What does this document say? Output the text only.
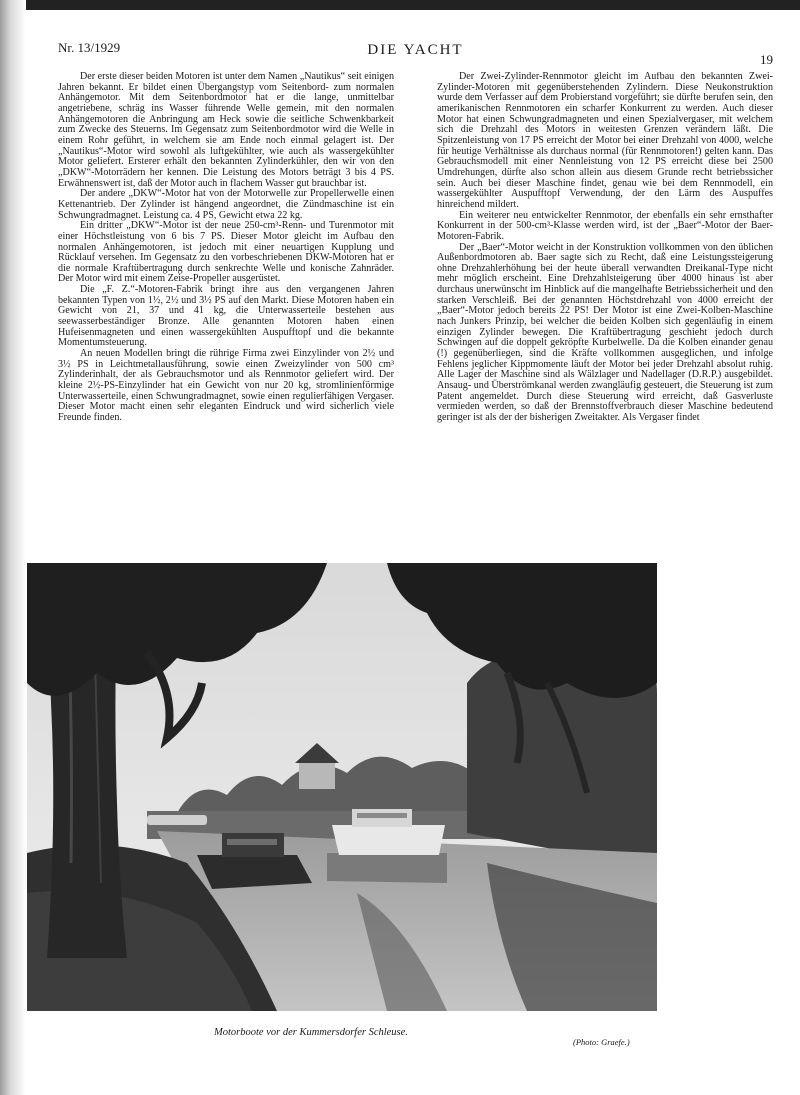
Nr. 13/1929	DIE YACHT
19

Der erste dieser beiden Motoren ist unter dem Namen „Nautikus“ seit einigen Jahren bekannt. Er bildet einen Übergangstyp vom Seitenbord- zum normalen Anhängemotor. Mit dem Seitenbordmotor hat er die lange, unmittelbar angetriebene, schräg ins Wasser führende Welle gemein, mit den normalen Anhängemotoren die Anbringung am Heck sowie die seitliche Schwenkbarkeit zum Zwecke des Steuerns. Im Gegensatz zum Seitenbordmotor wird die Welle in einem Rohr geführt, in welchem sie am Ende noch einmal gelagert ist. Der „Nautikus“-Motor wird sowohl als luftgekühlter, wie auch als wassergekühlter Motor geliefert. Ersterer erhält den bekannten Zylinderkühler, den wir von den „DKW“-Motorrädern her kennen. Die Leistung des Motors beträgt 3 bis 4 PS. Erwähnenswert ist, daß der Motor auch in flachem Wasser gut brauchbar ist.

Der andere „DKW“-Motor hat von der Motorwelle zur Propellerwelle einen Kettenantrieb. Der Zylinder ist hängend angeordnet, die Zündmaschine ist ein Schwungradmagnet. Leistung ca. 4 PS, Gewicht etwa 22 kg.

Ein dritter „DKW“-Motor ist der neue 250-cm³-Renn- und Turenmotor mit einer Höchstleistung von 6 bis 7 PS. Dieser Motor gleicht im Aufbau den normalen Anhängemotoren, ist jedoch mit einer neuartigen Kupplung und Rücklauf versehen. Im Gegensatz zu den vorbeschriebenen DKW-Motoren hat er die normale Kraftübertragung durch senkrechte Welle und konische Zahnräder. Der Motor wird mit einem Zeise-Propeller ausgerüstet.

Die „F. Z.“-Motoren-Fabrik bringt ihre aus den vergangenen Jahren bekannten Typen von 1½, 2½ und 3½ PS auf den Markt. Diese Motoren haben ein Gewicht von 21, 37 und 41 kg, die Unterwasserteile bestehen aus seewasserbeständiger Bronze. Alle genannten Motoren haben einen Hufeisenmagneten und einen wassergekühlten Auspufftopf und die bekannte Momentumsteuerung.

An neuen Modellen bringt die rührige Firma zwei Einzylinder von 2½ und 3½ PS in Leichtmetallausführung, sowie einen Zweizylinder von 500 cm³ Zylinderinhalt, der als Gebrauchsmotor und als Rennmotor geliefert wird. Der kleine 2½-PS-Einzylinder hat ein Gewicht von nur 20 kg, stromlinienförmige Unterwasserteile, einen Schwungradmagnet, sowie einen regulierfähigen Vergaser. Dieser Motor macht einen sehr eleganten Eindruck und wird sicherlich viele Freunde finden.

Der Zwei-Zylinder-Rennmotor gleicht im Aufbau den bekannten Zwei-Zylinder-Motoren mit gegenüberstehenden Zylindern. Diese Neukonstruktion wurde dem Verfasser auf dem Probierstand vorgeführt; sie dürfte berufen sein, den amerikanischen Rennmotoren ein scharfer Konkurrent zu werden. Auch dieser Motor hat einen Schwungradmagneten und einen Spezialvergaser, mit welchem sich die Drehzahl des Motors in weitesten Grenzen verändern läßt. Die Spitzenleistung von 17 PS erreicht der Motor bei einer Drehzahl von 4000, welche für heutige Verhältnisse als durchaus normal (für Rennmotoren!) gelten kann. Das Gebrauchsmodell mit einer Nennleistung von 12 PS erreicht diese bei 2500 Umdrehungen, dürfte also schon allein aus diesem Grunde recht betriebssicher sein. Auch bei dieser Maschine findet, genau wie bei dem Rennmodell, ein wassergekühlter Auspufftopf Verwendung, der den Lärm des Auspuffes hinreichend mildert.

Ein weiterer neu entwickelter Rennmotor, der ebenfalls ein sehr ernsthafter Konkurrent in der 500-cm³-Klasse werden wird, ist der „Baer“-Motor der Baer-Motoren-Fabrik.

Der „Baer“-Motor weicht in der Konstruktion vollkommen von den üblichen Außenbordmotoren ab. Baer sagte sich zu Recht, daß eine Leistungssteigerung ohne Drehzahlerhöhung bei der heute überall verwandten Dreikanal-Type nicht mehr möglich erscheint. Eine Drehzahlsteigerung über 4000 hinaus ist aber durchaus unerwünscht im Hinblick auf die mangelhafte Betriebssicherheit und den starken Verschleiß. Bei der genannten Höchstdrehzahl von 4000 erreicht der „Baer“-Motor jedoch bereits 22 PS! Der Motor ist eine Zwei-Kolben-Maschine nach Junkers Prinzip, bei welcher die beiden Kolben sich gegenläufig in einem einzigen Zylinder bewegen. Die Kraftübertragung geschieht jedoch durch Schwingen auf die doppelt gekröpfte Kurbelwelle. Da die Kolben einander genau (!) gegenüberliegen, sind die Kräfte vollkommen ausgeglichen, und infolge Fehlens jeglicher Kippmomente läuft der Motor bei jeder Drehzahl absolut ruhig. Alle Lager der Maschine sind als Wälzlager und Nadellager (D.R.P.) ausgebildet. Ansaug- und Überströmkanal werden zwangläufig gesteuert, die Steuerung ist zum Patent angemeldet. Durch diese Steuerung wird erreicht, daß Gasverluste vermieden werden, so daß der Brennstoffverbrauch dieser Maschine bedeutend geringer ist als der der bisherigen Zweitakter. Als Vergaser findet

Motorboote vor der Kummersdorfer Schleuse.
(Photo: Graefe.)
